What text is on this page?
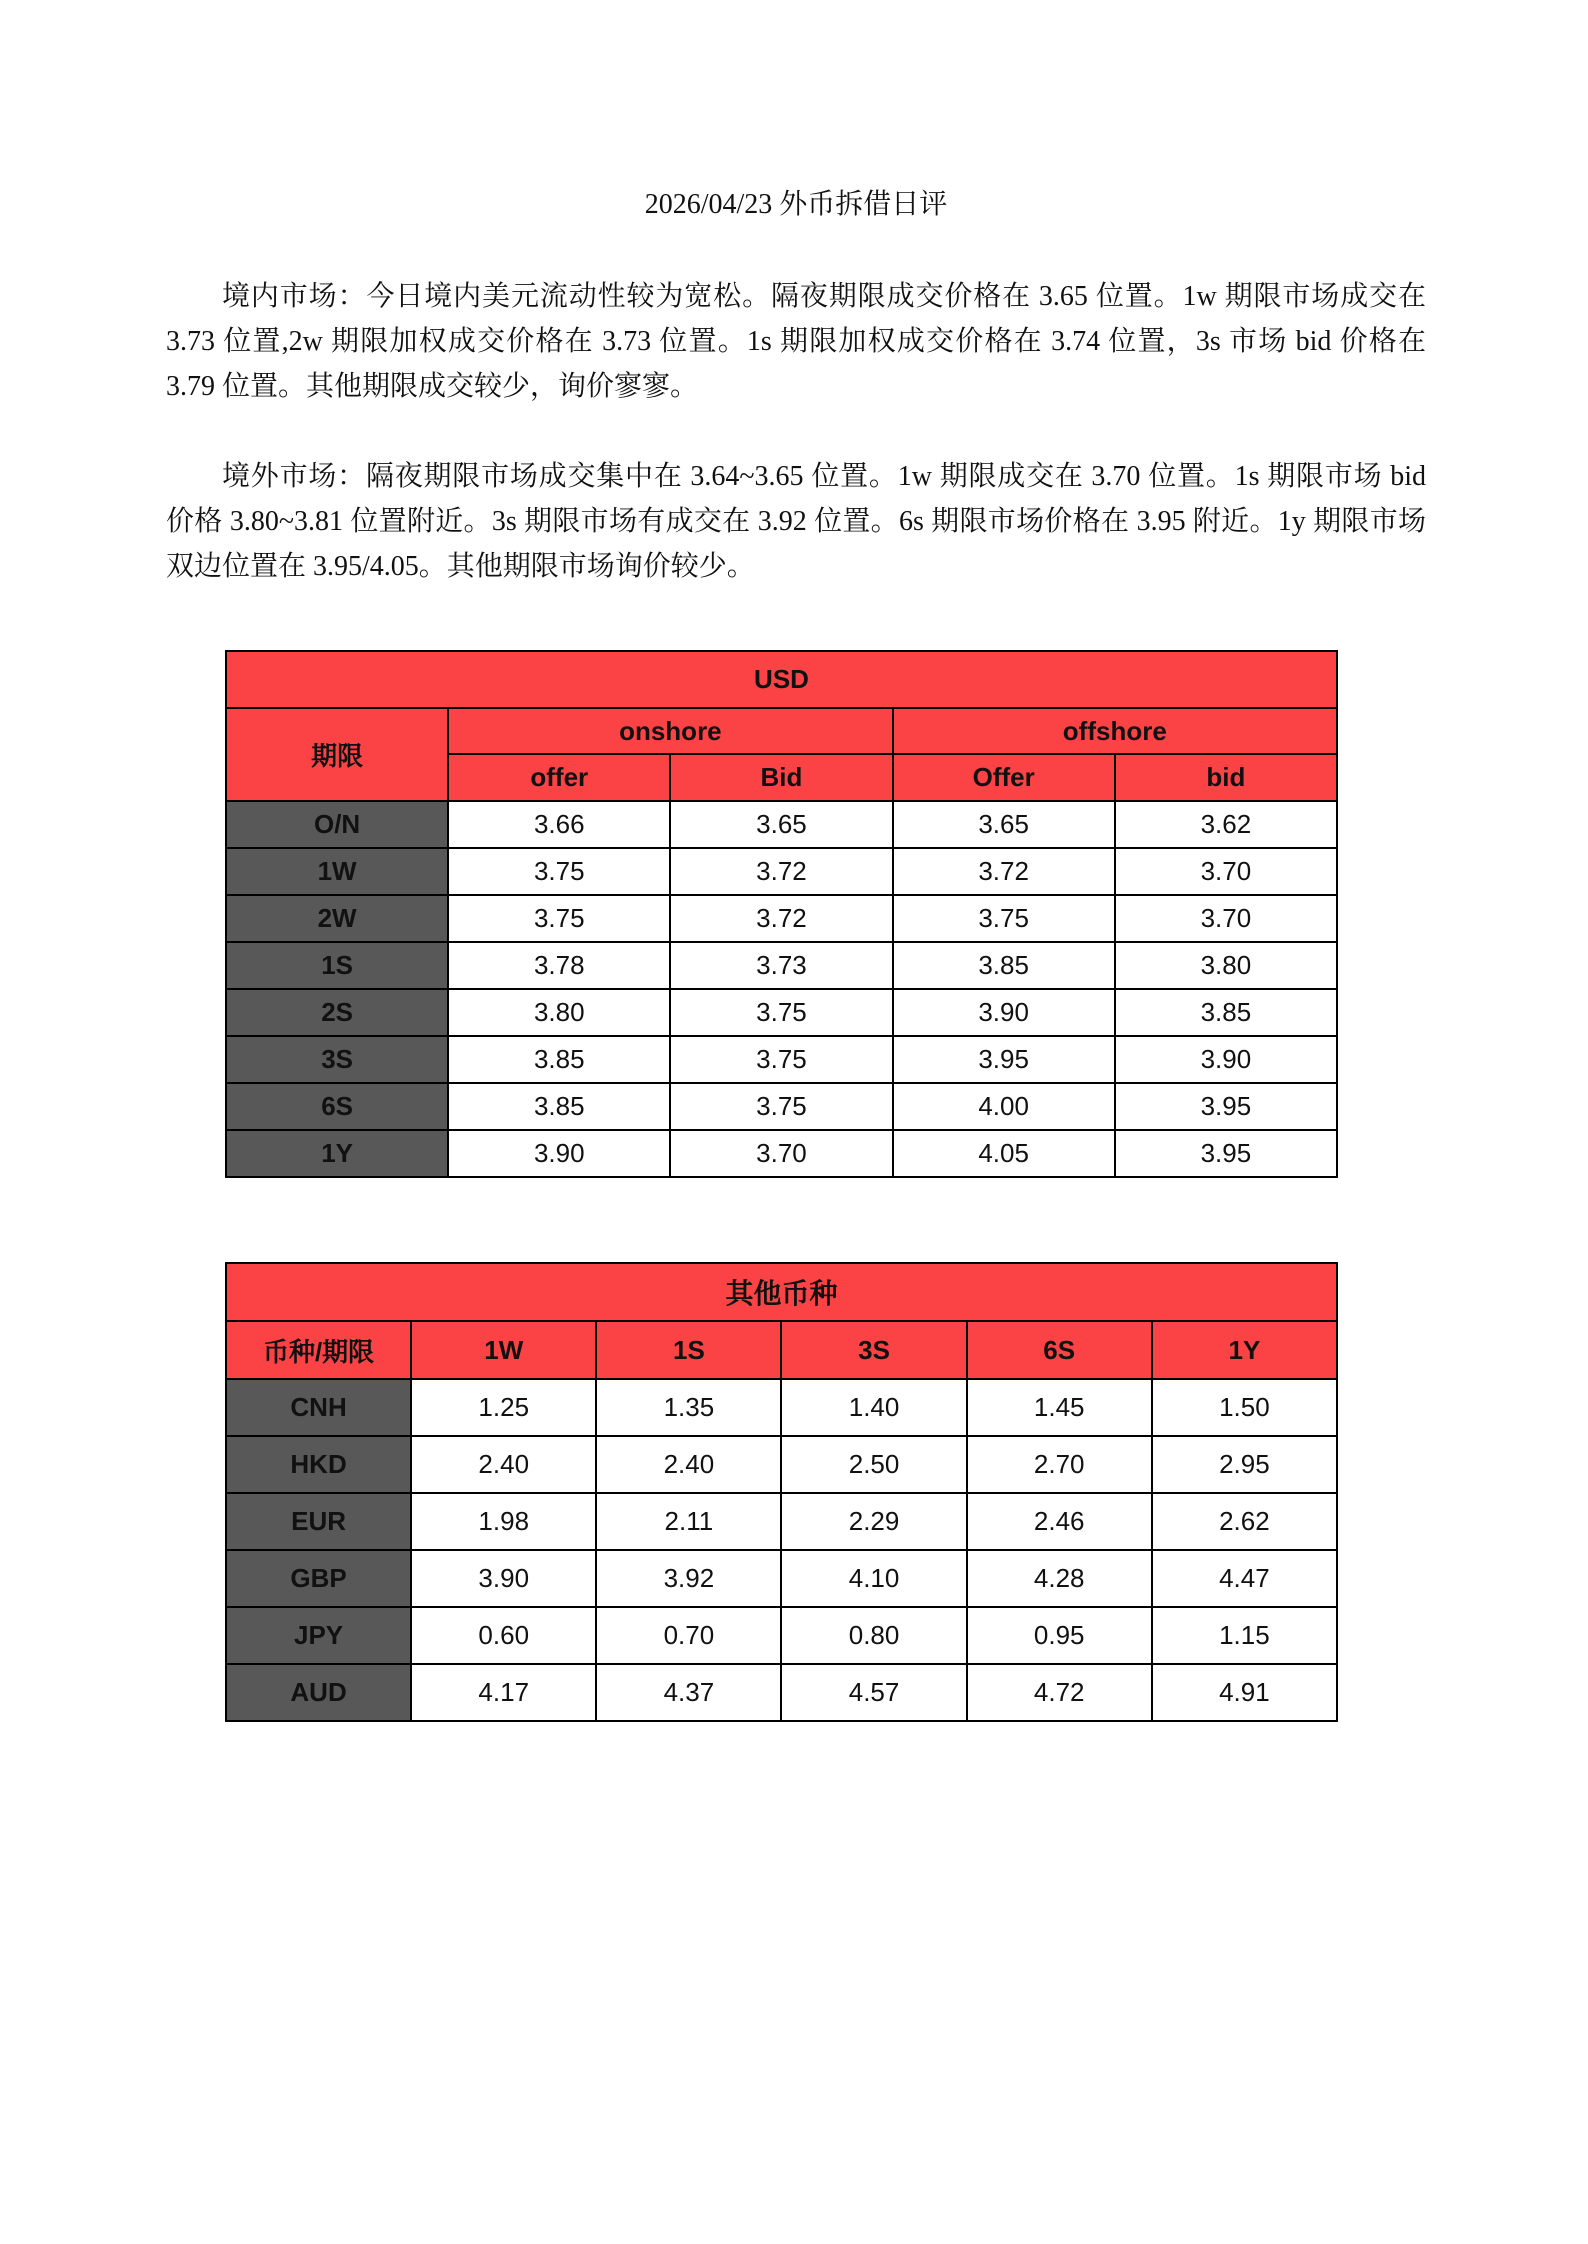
2026/04/23 外币拆借日评

境内市场：今日境内美元流动性较为宽松。隔夜期限成交价格在 3.65 位置。1w 期限市场成交在 3.73 位置,2w 期限加权成交价格在 3.73 位置。1s 期限加权成交价格在 3.74 位置，3s 市场 bid 价格在 3.79 位置。其他期限成交较少，询价寥寥。

境外市场：隔夜期限市场成交集中在 3.64~3.65 位置。1w 期限成交在 3.70 位置。1s 期限市场 bid 价格 3.80~3.81 位置附近。3s 期限市场有成交在 3.92 位置。6s 期限市场价格在 3.95 附近。1y 期限市场双边位置在 3.95/4.05。其他期限市场询价较少。

USD				
期限	onshore		offshore	
	offer	Bid	Offer	bid
O/N	3.66	3.65	3.65	3.62
1W	3.75	3.72	3.72	3.70
2W	3.75	3.72	3.75	3.70
1S	3.78	3.73	3.85	3.80
2S	3.80	3.75	3.90	3.85
3S	3.85	3.75	3.95	3.90
6S	3.85	3.75	4.00	3.95
1Y	3.90	3.70	4.05	3.95
其他币种					
币种/期限	1W	1S	3S	6S	1Y
CNH	1.25	1.35	1.40	1.45	1.50
HKD	2.40	2.40	2.50	2.70	2.95
EUR	1.98	2.11	2.29	2.46	2.62
GBP	3.90	3.92	4.10	4.28	4.47
JPY	0.60	0.70	0.80	0.95	1.15
AUD	4.17	4.37	4.57	4.72	4.91
